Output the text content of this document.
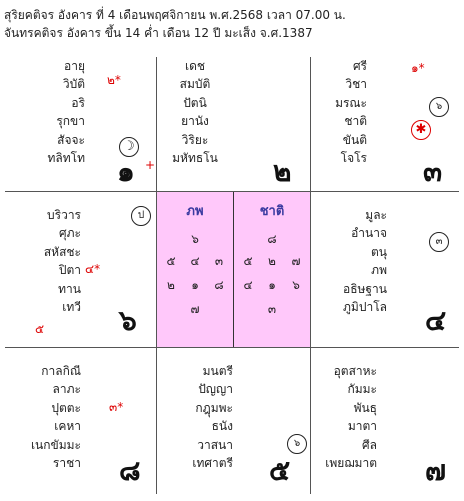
สุริยคติจร อังคาร ที่ 4 เดือนพฤศจิกายน พ.ศ.2568 เวลา 07.00 น.
จันทรคติจร อังคาร ขึ้น 14 ค่ำ เดือน 12 ปี มะเส็ง จ.ศ.1387
ภพ	ชาติ
๖
๕ ๔	๓
๒	๑	๘
๗
๘
๕	๒	๗
๔	๑	๖
๓
อายุ
วิบัติ
อริ
รุกขา
สัจจะ
ทลิทโท
๒*
☽
๑ +
เดช
สมบัติ
ปัตนิ
ยานัง
วิริยะ
มหัทธโน	๒
ศรี
วิชา
มรณะ
ชาติ
ขันติ
โจโร
๑*
๖
✱
๓
บริวาร
ศุภะ
สหัสชะ
ปิตา
ทาน
เทวี
๕
ป
๔*
๖
มูละ
อำนาจ
ตนุ
ภพ
อธิษฐาน
ภูมิปาโล
๓
๔
กาลกิณี
ลาภะ
ปุตตะ
เคหา
เนกขัมมะ
ราชา
๓*
๘
มนตรี
ปัญญา
กฎุมพะ
ธนัง
วาสนา
เทศาตรี
๖
๕
อุตสาหะ
กัมมะ
พันธุ
มาตา
ศีล
เพยฌมาต ๗
